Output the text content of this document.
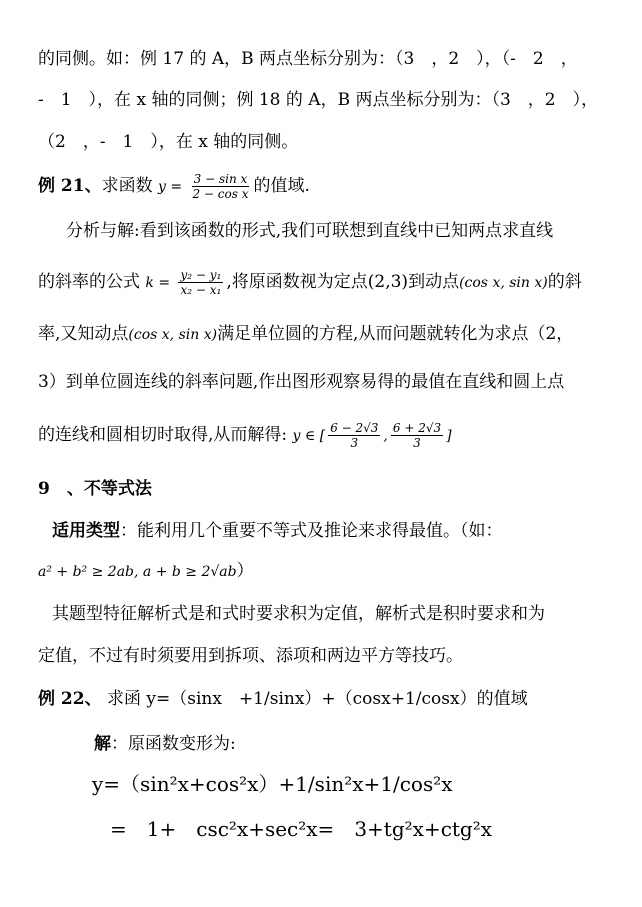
的同侧。如：例 17 的 A，B 两点坐标分别为：（3　，2　），（-　2　，
-　1　），在 x 轴的同侧；例 18 的 A，B 两点坐标分别为：（3　，2　），
（2　，-　1　），在 x 轴的同侧。
例 21、求函数 $y = \frac{\text{3 − sin x}}{\text{2 − cos x}}$ 的值域.
分析与解:看到该函数的形式,我们可联想到直线中已知两点求直线
的斜率的公式 $k = \frac{\text{y₂ − y₁}}{\text{x₂ − x₁}}$ ,将原函数视为定点(2,3)到动点(cos x, sin x)的斜
率,又知动点(cos x, sin x)满足单位圆的方程,从而问题就转化为求点（2，
3）到单位圆连线的斜率问题,作出图形观察易得的最值在直线和圆上点
的连线和圆相切时取得,从而解得: y ∈ [ $\frac{6 - 2√3}{3}$ , $\frac{6 + 2√3}{3}$ ]
9　、不等式法
适用类型：能利用几个重要不等式及推论来求得最值。（如：
a² + b² ≥ 2ab, a + b ≥ 2√ab）
其题型特征解析式是和式时要求积为定值，解析式是积时要求和为
定值，不过有时须要用到拆项、添项和两边平方等技巧。
例 22、 求函 y=（sinx　+1/sinx）+（cosx+1/cosx）的值域
解：原函数变形为:
y=（sin²x+cos²x）+1/sin²x+1/cos²x
=　1+　csc²x+sec²x=　3+tg²x+ctg²x
